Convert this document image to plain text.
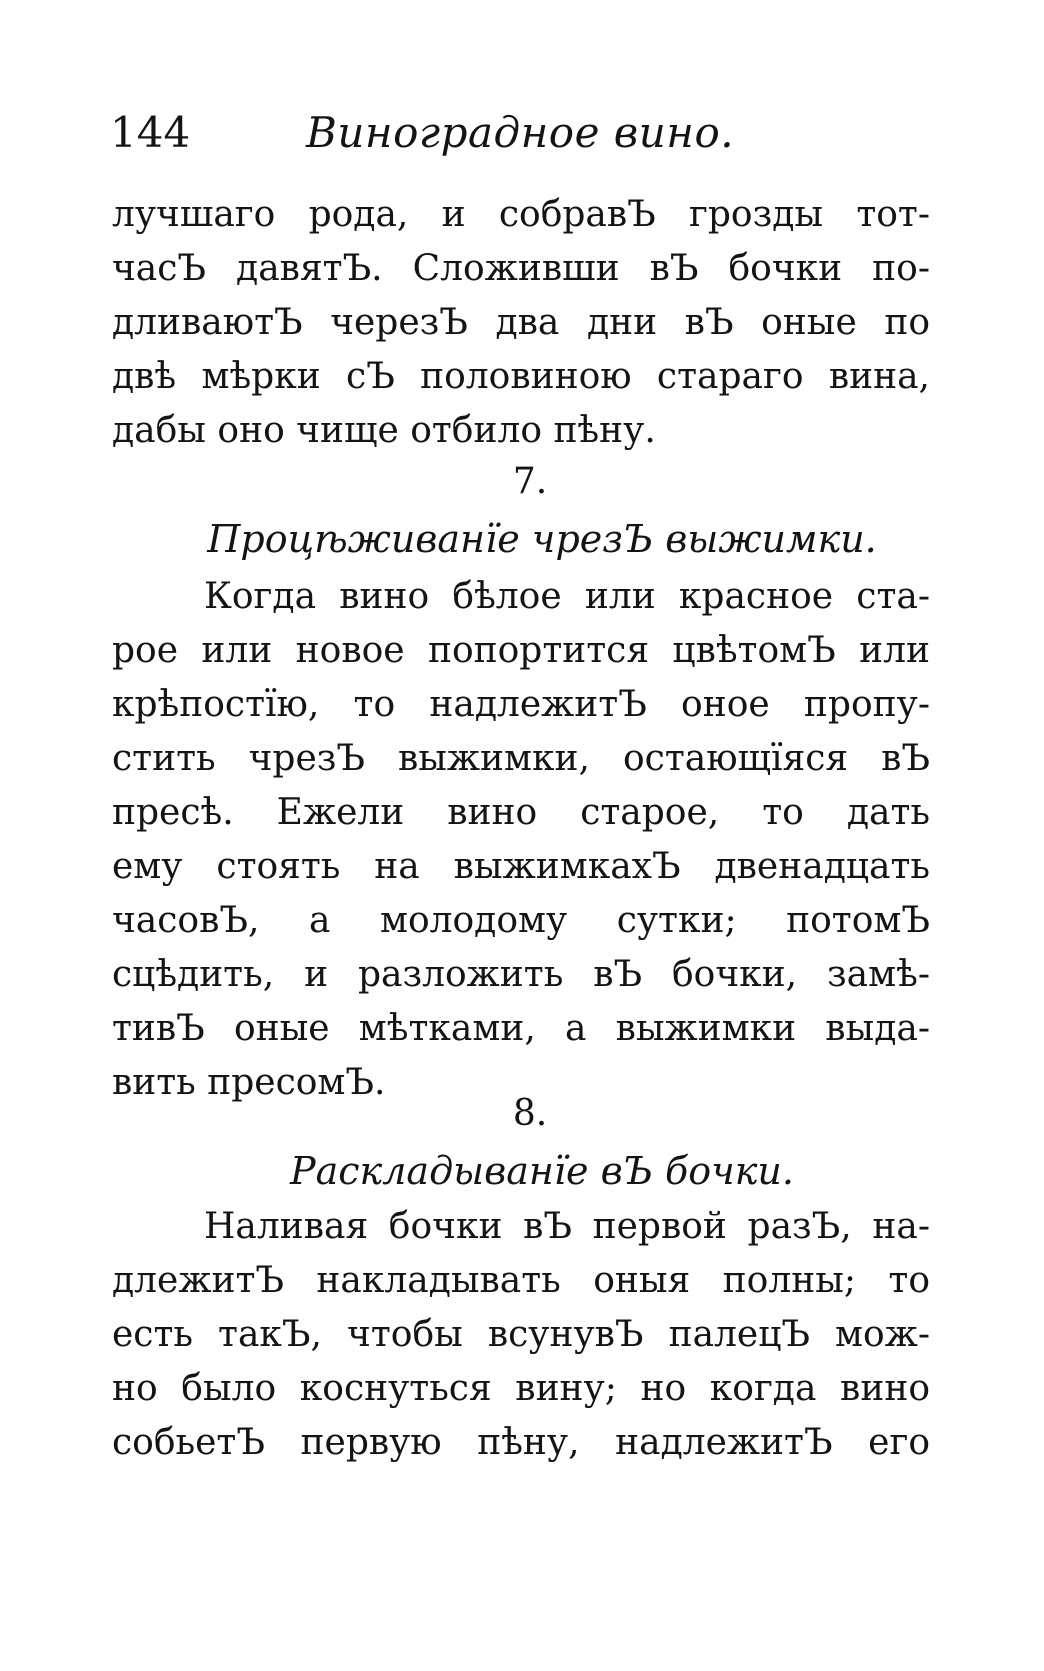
144	Виноградное вино.
лучшаго рода, и собравЪ грозды тот-
часЪ давятЪ. Сложивши вЪ бочки по-
дливаютЪ черезЪ два дни вЪ оные по
двѣ мѣрки сЪ половиною стараго вина,
дабы оно чище отбило пѣну.
7.
Процѣживанїе чрезЪ выжимки.
Когда вино бѣлое или красное ста-
рое или новое попортится цвѣтомЪ или
крѣпостїю, то надлежитЪ оное пропу-
стить чрезЪ выжимки, остающїяся вЪ
пресѣ. Ежели вино старое, то дать
ему стоять на выжимкахЪ двенадцать
часовЪ, а молодому сутки; потомЪ
сцѣдить, и разложить вЪ бочки, замѣ-
тивЪ оные мѣтками, а выжимки выда-
вить пресомЪ.
8.
Раскладыванїе вЪ бочки.
Наливая бочки вЪ первой разЪ, на-
длежитЪ накладывать оныя полны; то
есть такЪ, чтобы всунувЪ палецЪ мож-
но было коснуться вину; но когда вино
собьетЪ первую пѣну, надлежитЪ его
